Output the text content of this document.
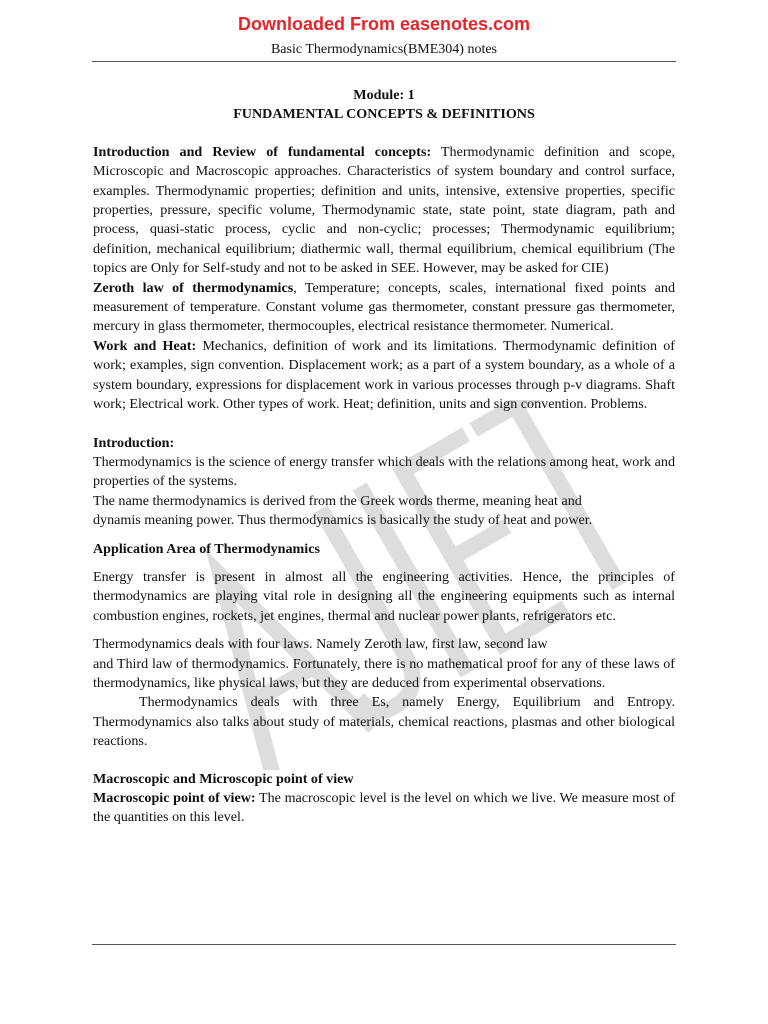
Downloaded From easenotes.com
Basic Thermodynamics(BME304) notes
Module: 1
FUNDAMENTAL CONCEPTS & DEFINITIONS

Introduction and Review of fundamental concepts: Thermodynamic definition and scope, Microscopic and Macroscopic approaches. Characteristics of system boundary and control surface, examples. Thermodynamic properties; definition and units, intensive, extensive properties, specific properties, pressure, specific volume, Thermodynamic state, state point, state diagram, path and process, quasi-static process, cyclic and non-cyclic; processes; Thermodynamic equilibrium; definition, mechanical equilibrium; diathermic wall, thermal equilibrium, chemical equilibrium (The topics are Only for Self-study and not to be asked in SEE. However, may be asked for CIE)

Zeroth law of thermodynamics, Temperature; concepts, scales, international fixed points and measurement of temperature. Constant volume gas thermometer, constant pressure gas thermometer, mercury in glass thermometer, thermocouples, electrical resistance thermometer. Numerical.

Work and Heat: Mechanics, definition of work and its limitations. Thermodynamic definition of work; examples, sign convention. Displacement work; as a part of a system boundary, as a whole of a system boundary, expressions for displacement work in various processes through p-v diagrams. Shaft work; Electrical work. Other types of work. Heat; definition, units and sign convention. Problems.

Introduction:

Thermodynamics is the science of energy transfer which deals with the relations among heat, work and properties of the systems.

The name thermodynamics is derived from the Greek words therme, meaning heat and
dynamis meaning power. Thus thermodynamics is basically the study of heat and power.
Application Area of Thermodynamics

Energy transfer is present in almost all the engineering activities. Hence, the principles of thermodynamics are playing vital role in designing all the engineering equipments such as internal combustion engines, rockets, jet engines, thermal and nuclear power plants, refrigerators etc.

Thermodynamics deals with four laws. Namely Zeroth law, first law, second law

and Third law of thermodynamics. Fortunately, there is no mathematical proof for any of these laws of thermodynamics, like physical laws, but they are deduced from experimental observations.

Thermodynamics deals with three Es, namely Energy, Equilibrium and Entropy. Thermodynamics also talks about study of materials, chemical reactions, plasmas and other biological reactions.

Macroscopic and Microscopic point of view

Macroscopic point of view: The macroscopic level is the level on which we live. We measure most of the quantities on this level.
